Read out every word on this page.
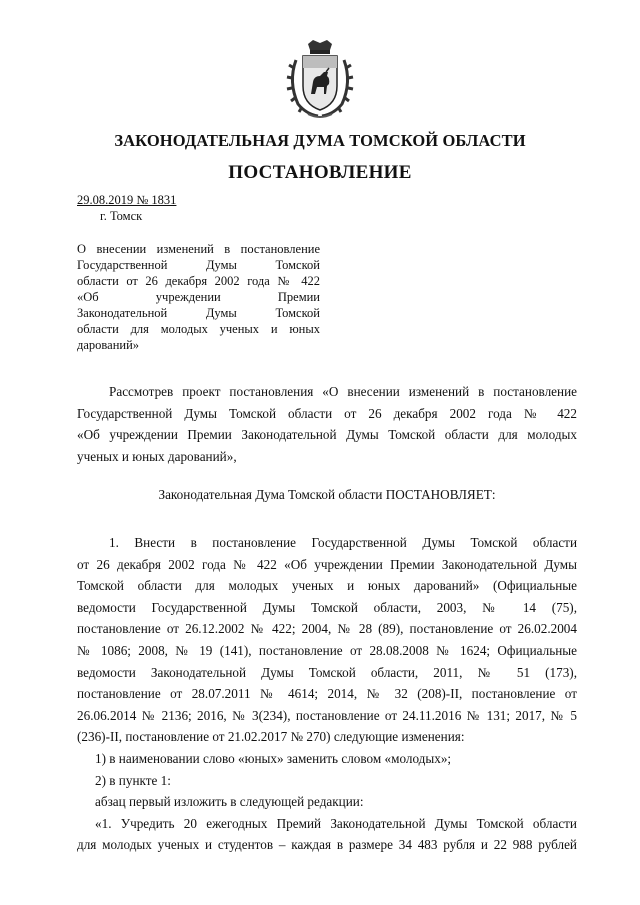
ЗАКОНОДАТЕЛЬНАЯ ДУМА ТОМСКОЙ ОБЛАСТИ
ПОСТАНОВЛЕНИЕ
29.08.2019 № 1831
г. Томск
О внесении изменений в постановление
Государственной Думы Томской
области от 26 декабря 2002 года № 422
«Об учреждении Премии
Законодательной Думы Томской
области для молодых ученых и юных
дарований»
Рассмотрев проект постановления «О внесении изменений в постановление
Государственной Думы Томской области от 26 декабря 2002 года № 422
«Об учреждении Премии Законодательной Думы Томской области для молодых
ученых и юных дарований»,
Законодательная Дума Томской области ПОСТАНОВЛЯЕТ:
1. Внести в постановление Государственной Думы Томской области
от 26 декабря 2002 года № 422 «Об учреждении Премии Законодательной Думы
Томской области для молодых ученых и юных дарований» (Официальные
ведомости Государственной Думы Томской области, 2003, № 14 (75),
постановление от 26.12.2002 № 422; 2004, № 28 (89), постановление от 26.02.2004
№ 1086; 2008, № 19 (141), постановление от 28.08.2008 № 1624; Официальные
ведомости Законодательной Думы Томской области, 2011, № 51 (173),
постановление от 28.07.2011 № 4614; 2014, № 32 (208)-II, постановление от
26.06.2014 № 2136; 2016, № 3(234), постановление от 24.11.2016 № 131; 2017, № 5
(236)-II, постановление от 21.02.2017 № 270) следующие изменения:
1) в наименовании слово «юных» заменить словом «молодых»;
2) в пункте 1:
абзац первый изложить в следующей редакции:
«1. Учредить 20 ежегодных Премий Законодательной Думы Томской области
для молодых ученых и студентов – каждая в размере 34 483 рубля и 22 988 рублей
